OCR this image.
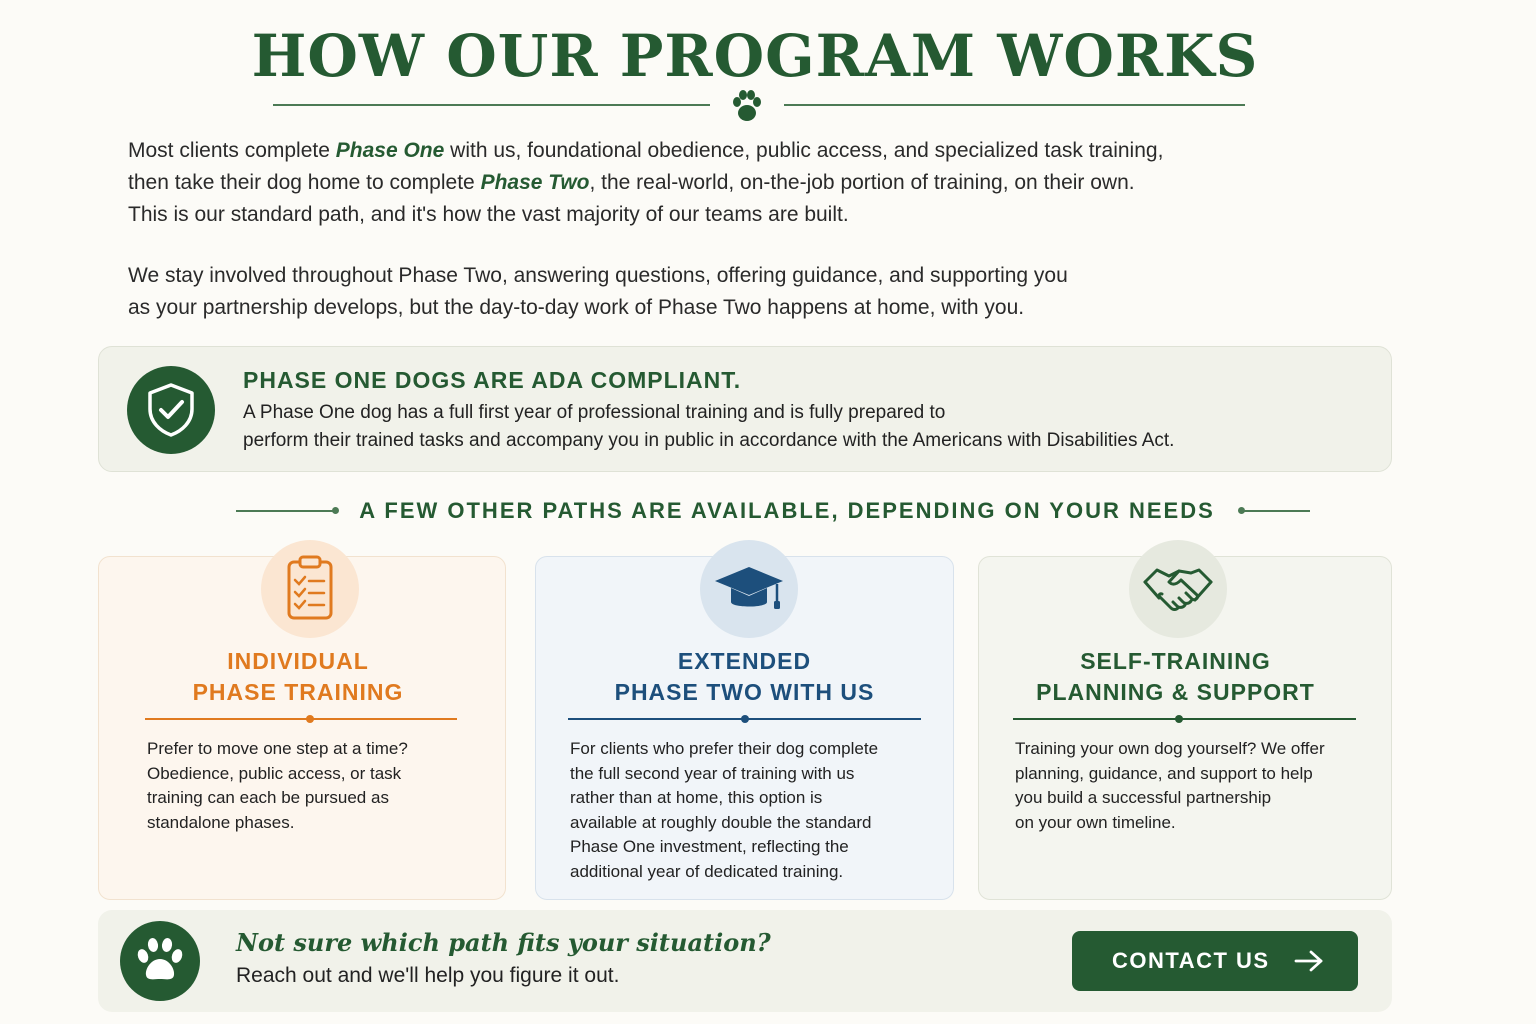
HOW OUR PROGRAM WORKS
Most clients complete Phase One with us, foundational obedience, public access, and specialized task training,
then take their dog home to complete Phase Two, the real-world, on-the-job portion of training, on their own.
This is our standard path, and it's how the vast majority of our teams are built.
We stay involved throughout Phase Two, answering questions, offering guidance, and supporting you
as your partnership develops, but the day-to-day work of Phase Two happens at home, with you.
PHASE ONE DOGS ARE ADA COMPLIANT.
A Phase One dog has a full first year of professional training and is fully prepared to
perform their trained tasks and accompany you in public in accordance with the Americans with Disabilities Act.
A FEW OTHER PATHS ARE AVAILABLE, DEPENDING ON YOUR NEEDS
INDIVIDUAL
PHASE TRAINING
Prefer to move one step at a time?
Obedience, public access, or task
training can each be pursued as
standalone phases.
EXTENDED
PHASE TWO WITH US
For clients who prefer their dog complete
the full second year of training with us
rather than at home, this option is
available at roughly double the standard
Phase One investment, reflecting the
additional year of dedicated training.
SELF-TRAINING
PLANNING & SUPPORT
Training your own dog yourself? We offer
planning, guidance, and support to help
you build a successful partnership
on your own timeline.
Not sure which path fits your situation?
Reach out and we'll help you figure it out.
CONTACT US
